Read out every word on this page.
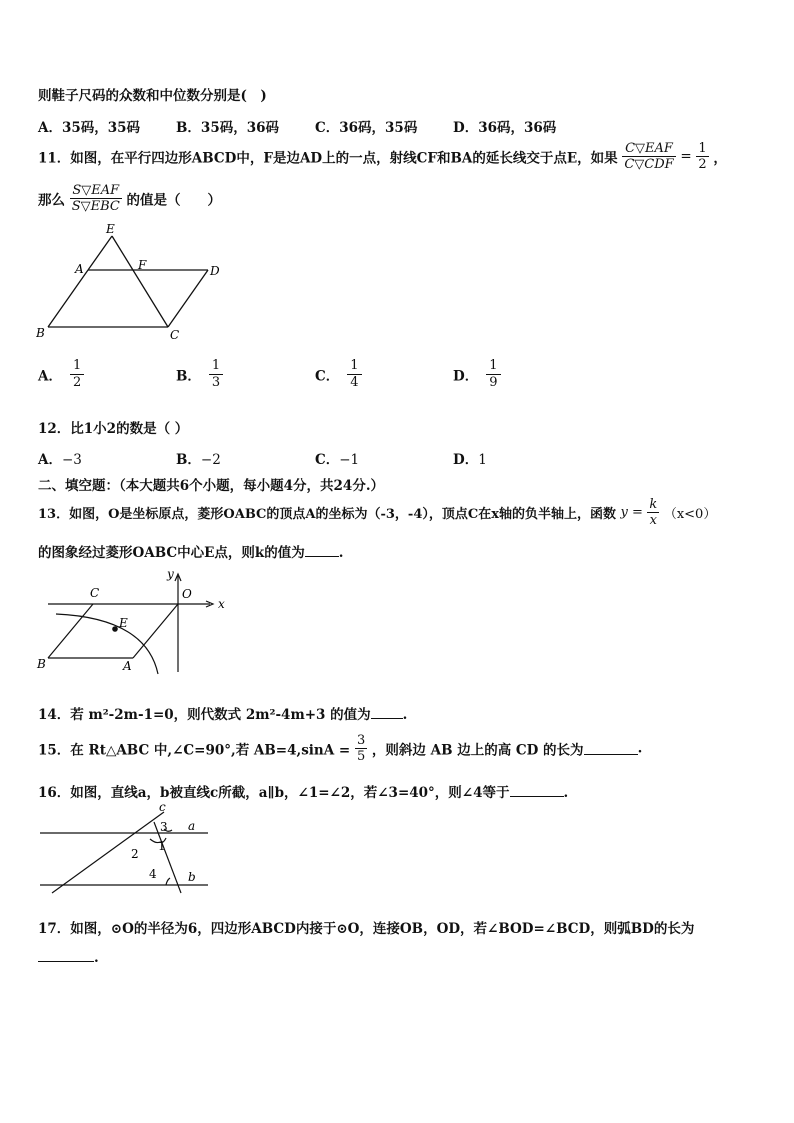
则鞋子尺码的众数和中位数分别是(　)
A．35码，35码	B．35码，36码	C．36码，35码	D．36码，36码
11．如图，在平行四边形ABCD中，F是边AD上的一点，射线CF和BA的延长线交于点E，如果 $\frac{\text{C▽EAF}}{\text{C▽CDF}} = \frac{1}{2}$ ，
那么 $\frac{\text{S▽EAF}}{\text{S▽EBC}}$ 的值是（　　）
E
A	F	D
B	C
A． $\frac{1}{2}$	B． $\frac{1}{3}$	C． $\frac{1}{4}$	D． $\frac{1}{9}$
12．比1小2的数是（ ）
A．−3	B．−2	C．−1	D．1
二、填空题：（本大题共6个小题，每小题4分，共24分.）
13．如图，O是坐标原点，菱形OABC的顶点A的坐标为（-3，-4），顶点C在x轴的负半轴上，函数 $y = \frac{k}{x} (x<0)$
的图象经过菱形OABC中心E点，则k的值为	.
C	O
x
y
E
B	A
14．若 m²-2m-1=0，则代数式 2m²-4m+3 的值为 .
15．在 Rt△ABC 中,∠C=90°,若 $AB=4,\sin A = \frac{3}{5}$ ，则斜边 AB 边上的高 CD 的长为	.
16．如图，直线a，b被直线c所截，a∥b，∠1=∠2，若∠3=40°，则∠4等于	.
c
a
b
3
1
2
4
17．如图，⊙O的半径为6，四边形ABCD内接于⊙O，连接OB，OD，若∠BOD=∠BCD，则弧BD的长为
.
